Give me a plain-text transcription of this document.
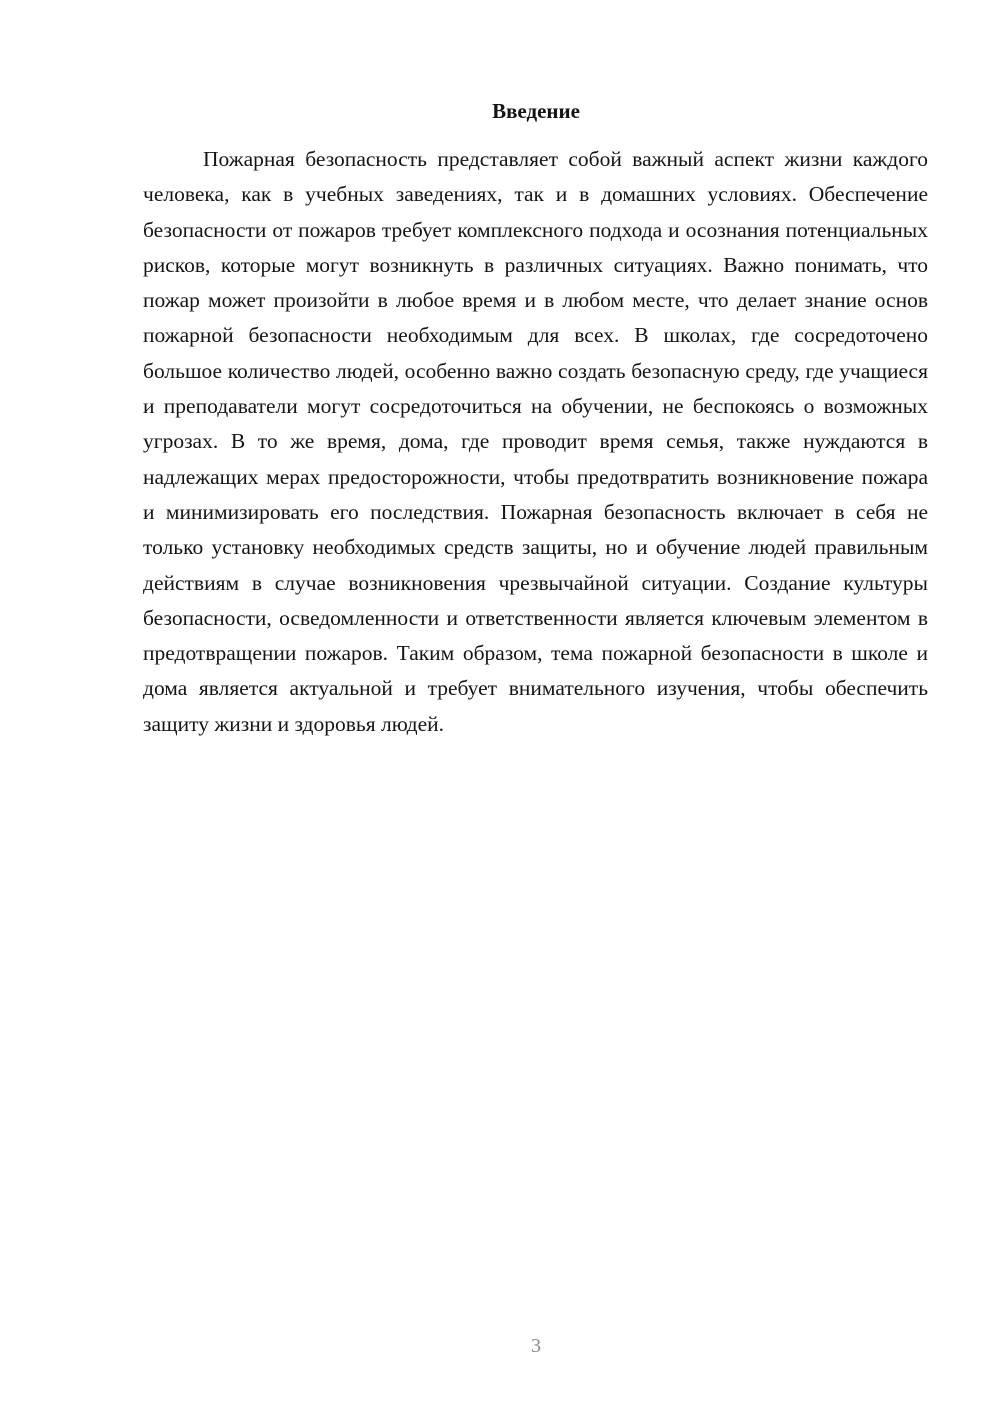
Введение

Пожарная безопасность представляет собой важный аспект жизни каждого человека, как в учебных заведениях, так и в домашних условиях. Обеспечение безопасности от пожаров требует комплексного подхода и осознания потенциальных рисков, которые могут возникнуть в различных ситуациях. Важно понимать, что пожар может произойти в любое время и в любом месте, что делает знание основ пожарной безопасности необходимым для всех. В школах, где сосредоточено большое количество людей, особенно важно создать безопасную среду, где учащиеся и преподаватели могут сосредоточиться на обучении, не беспокоясь о возможных угрозах. В то же время, дома, где проводит время семья, также нуждаются в надлежащих мерах предосторожности, чтобы предотвратить возникновение пожара и минимизировать его последствия. Пожарная безопасность включает в себя не только установку необходимых средств защиты, но и обучение людей правильным действиям в случае возникновения чрезвычайной ситуации. Создание культуры безопасности, осведомленности и ответственности является ключевым элементом в предотвращении пожаров. Таким образом, тема пожарной безопасности в школе и дома является актуальной и требует внимательного изучения, чтобы обеспечить защиту жизни и здоровья людей.

3
